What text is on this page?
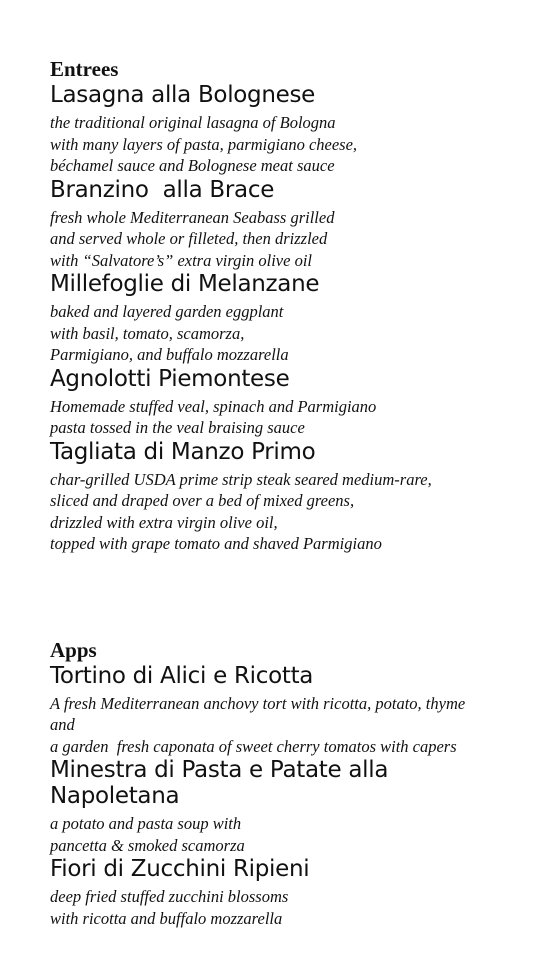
Entrees
Lasagna alla Bolognese

the traditional original lasagna of Bologna
with many layers of pasta, parmigiano cheese,
béchamel sauce and Bolognese meat sauce

Branzino  alla Brace

fresh whole Mediterranean Seabass grilled
and served whole or filleted, then drizzled
with “Salvatore’s” extra virgin olive oil

Millefoglie di Melanzane

baked and layered garden eggplant
with basil, tomato, scamorza,
Parmigiano, and buffalo mozzarella

Agnolotti Piemontese

Homemade stuffed veal, spinach and Parmigiano
pasta tossed in the veal braising sauce

Tagliata di Manzo Primo

char-grilled USDA prime strip steak seared medium-rare,
sliced and draped over a bed of mixed greens,
drizzled with extra virgin olive oil,
topped with grape tomato and shaved Parmigiano

Apps
Tortino di Alici e Ricotta

A fresh Mediterranean anchovy tort with ricotta, potato, thyme
and
a garden  fresh caponata of sweet cherry tomatos with capers

Minestra di Pasta e Patate alla Napoletana

a potato and pasta soup with
pancetta & smoked scamorza

Fiori di Zucchini Ripieni

deep fried stuffed zucchini blossoms
with ricotta and buffalo mozzarella
